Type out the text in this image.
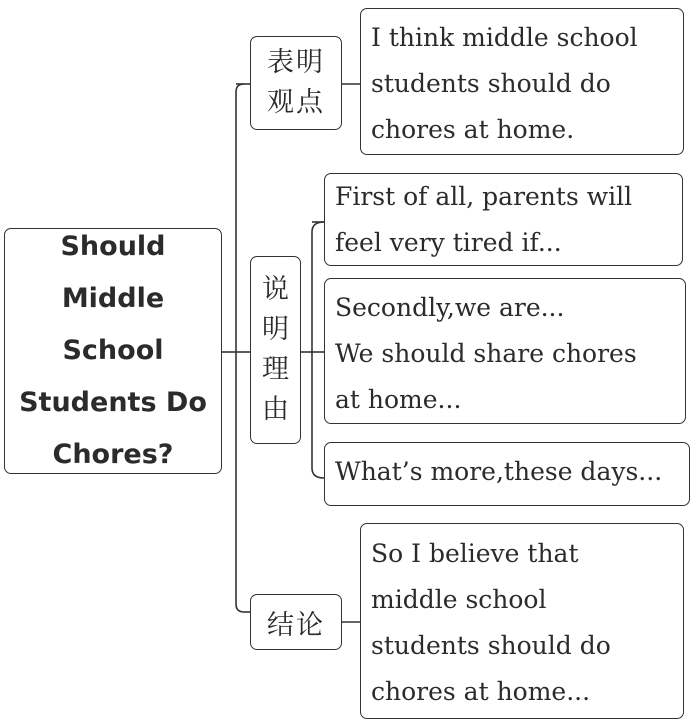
Should
Middle
School
Students Do
Chores?
表明观点
说明理由
结论
I think middle school
students should do
chores at home.
First of all, parents will
feel very tired if...
Secondly,we are...
We should share chores
at home...
What’s more,these days...
So I believe that
middle school
students should do
chores at home...
